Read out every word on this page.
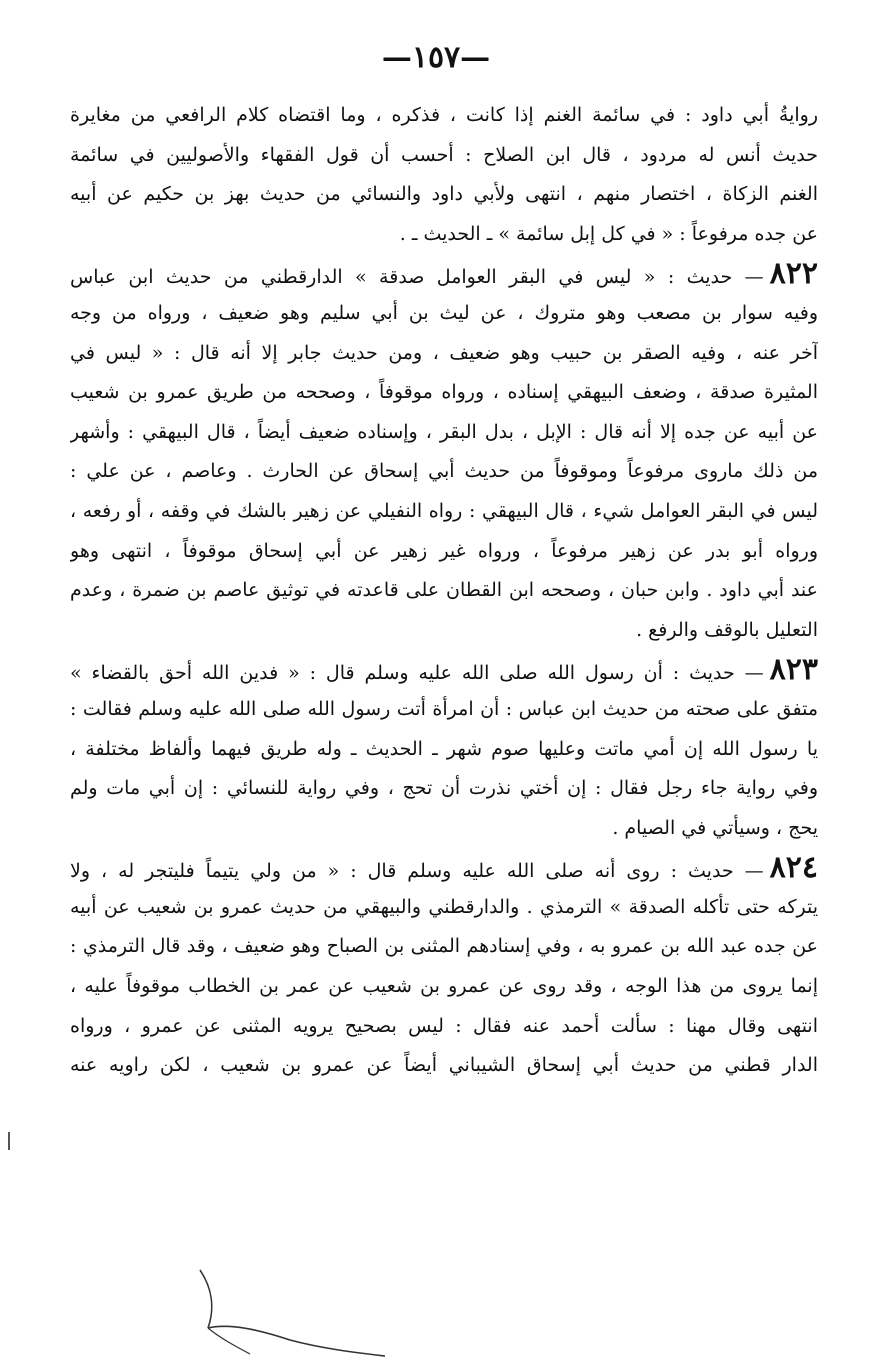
—١٥٧—
روايةُ أبي داود : في سائمة الغنم إذا كانت ، فذكره ، وما اقتضاه كلام الرافعي من مغايرة
حديث أنس له مردود ، قال ابن الصلاح : أحسب أن قول الفقهاء والأصوليين في سائمة
الغنم الزكاة ، اختصار منهم ، انتهى ولأبي داود والنسائي من حديث بهز بن حكيم عن أبيه
عن جده مرفوعاً : « في كل إبل سائمة » ـ الحديث ـ .
٨٢٢— حديث : « ليس في البقر العوامل صدقة » الدارقطني من حديث ابن عباس
وفيه سوار بن مصعب وهو متروك ، عن ليث بن أبي سليم وهو ضعيف ، ورواه من وجه
آخر عنه ، وفيه الصقر بن حبيب وهو ضعيف ، ومن حديث جابر إلا أنه قال : « ليس في
المثيرة صدقة ، وضعف البيهقي إسناده ، ورواه موقوفاً ، وصححه من طريق عمرو بن شعيب
عن أبيه عن جده إلا أنه قال : الإبل ، بدل البقر ، وإسناده ضعيف أيضاً ، قال البيهقي : وأشهر
من ذلك ماروى مرفوعاً وموقوفاً من حديث أبي إسحاق عن الحارث . وعاصم ، عن علي :
ليس في البقر العوامل شيء ، قال البيهقي : رواه النفيلي عن زهير بالشك في وقفه ، أو رفعه ،
ورواه أبو بدر عن زهير مرفوعاً ، ورواه غير زهير عن أبي إسحاق موقوفاً ، انتهى وهو
عند أبي داود . وابن حبان ، وصححه ابن القطان على قاعدته في توثيق عاصم بن ضمرة ، وعدم
التعليل بالوقف والرفع .
٨٢٣— حديث : أن رسول الله صلى الله عليه وسلم قال : « فدين الله أحق بالقضاء »
متفق على صحته من حديث ابن عباس : أن امرأة أتت رسول الله صلى الله عليه وسلم فقالت :
يا رسول الله إن أمي ماتت وعليها صوم شهر ـ الحديث ـ وله طريق فيهما وألفاظ مختلفة ،
وفي رواية جاء رجل فقال : إن أختي نذرت أن تحج ، وفي رواية للنسائي : إن أبي مات ولم
يحج ، وسيأتي في الصيام .
٨٢٤— حديث : روى أنه صلى الله عليه وسلم قال : « من ولي يتيماً فليتجر له ، ولا
يتركه حتى تأكله الصدقة » الترمذي . والدارقطني والبيهقي من حديث عمرو بن شعيب عن أبيه
عن جده عبد الله بن عمرو به ، وفي إسنادهم المثنى بن الصباح وهو ضعيف ، وقد قال الترمذي :
إنما يروى من هذا الوجه ، وقد روى عن عمرو بن شعيب عن عمر بن الخطاب موقوفاً عليه ،
انتهى وقال مهنا : سألت أحمد عنه فقال : ليس بصحيح يرويه المثنى عن عمرو ، ورواه
الدار قطني من حديث أبي إسحاق الشيباني أيضاً عن عمرو بن شعيب ، لكن راويه عنه
